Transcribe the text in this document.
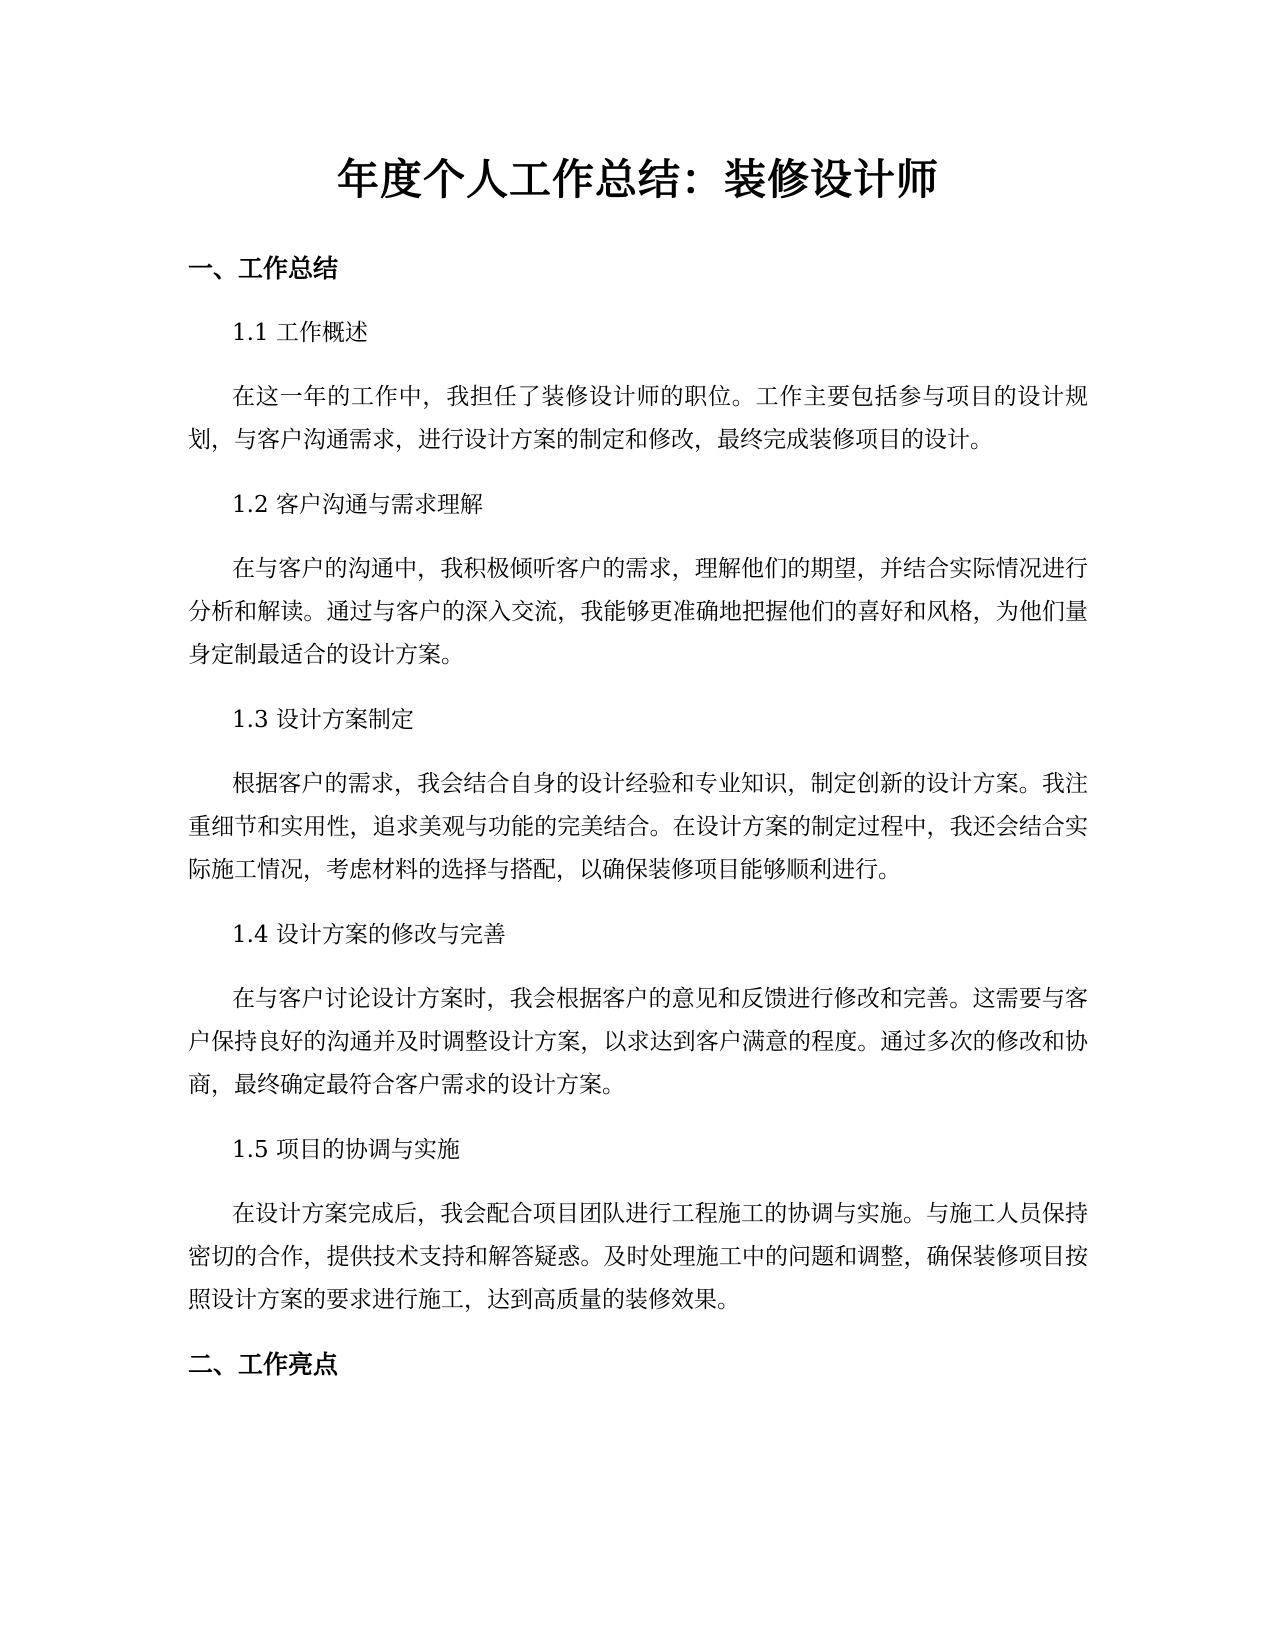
年度个人工作总结：装修设计师
一、工作总结
1.1 工作概述

在这一年的工作中，我担任了装修设计师的职位。工作主要包括参与项目的设计规划，与客户沟通需求，进行设计方案的制定和修改，最终完成装修项目的设计。

1.2 客户沟通与需求理解

在与客户的沟通中，我积极倾听客户的需求，理解他们的期望，并结合实际情况进行分析和解读。通过与客户的深入交流，我能够更准确地把握他们的喜好和风格，为他们量身定制最适合的设计方案。

1.3 设计方案制定

根据客户的需求，我会结合自身的设计经验和专业知识，制定创新的设计方案。我注重细节和实用性，追求美观与功能的完美结合。在设计方案的制定过程中，我还会结合实际施工情况，考虑材料的选择与搭配，以确保装修项目能够顺利进行。

1.4 设计方案的修改与完善

在与客户讨论设计方案时，我会根据客户的意见和反馈进行修改和完善。这需要与客户保持良好的沟通并及时调整设计方案，以求达到客户满意的程度。通过多次的修改和协商，最终确定最符合客户需求的设计方案。

1.5 项目的协调与实施

在设计方案完成后，我会配合项目团队进行工程施工的协调与实施。与施工人员保持密切的合作，提供技术支持和解答疑惑。及时处理施工中的问题和调整，确保装修项目按照设计方案的要求进行施工，达到高质量的装修效果。

二、工作亮点
